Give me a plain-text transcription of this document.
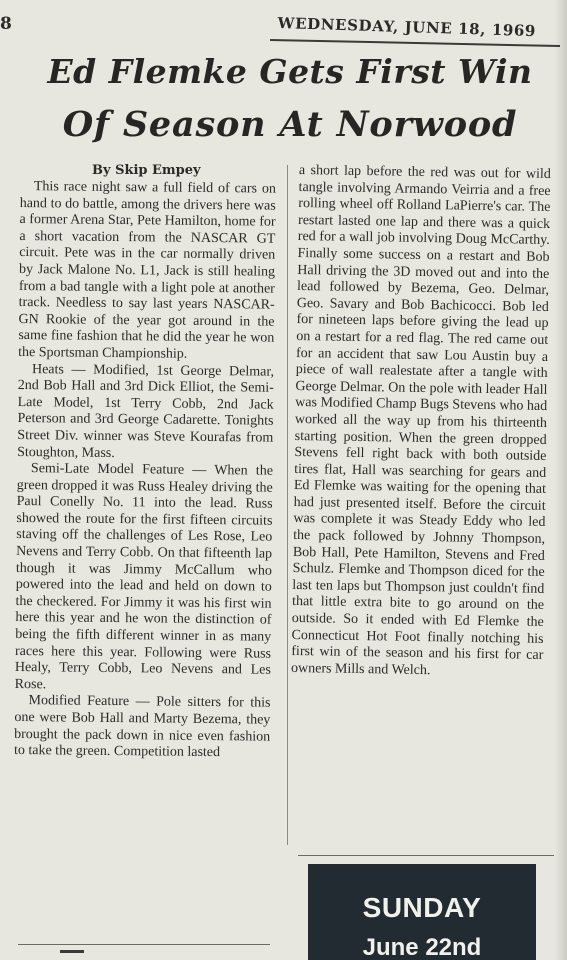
8	WEDNESDAY, JUNE 18, 1969
Ed Flemke Gets First Win
Of Season At Norwood
By Skip Empey

This race night saw a full field of cars on hand to do battle, among the drivers here was a former Arena Star, Pete Hamilton, home for a short vacation from the NASCAR GT circuit. Pete was in the car normally driven by Jack Malone No. L1, Jack is still healing from a bad tangle with a light pole at another track. Needless to say last years NASCAR-GN Rookie of the year got around in the same fine fashion that he did the year he won the Sportsman Championship.

Heats — Modified, 1st George Delmar, 2nd Bob Hall and 3rd Dick Elliot, the Semi-Late Model, 1st Terry Cobb, 2nd Jack Peterson and 3rd George Cadarette. Tonights Street Div. winner was Steve Kourafas from Stoughton, Mass.

Semi-Late Model Feature — When the green dropped it was Russ Healey driving the Paul Conelly No. 11 into the lead. Russ showed the route for the first fifteen circuits staving off the challenges of Les Rose, Leo Nevens and Terry Cobb. On that fifteenth lap though it was Jimmy McCallum who powered into the lead and held on down to the checkered. For Jimmy it was his first win here this year and he won the distinction of being the fifth different winner in as many races here this year. Following were Russ Healy, Terry Cobb, Leo Nevens and Les Rose.

Modified Feature — Pole sitters for this one were Bob Hall and Marty Bezema, they brought the pack down in nice even fashion to take the green. Competition lasted

a short lap before the red was out for wild tangle involving Armando Veirria and a free rolling wheel off Rolland LaPierre's car. The restart lasted one lap and there was a quick red for a wall job involving Doug McCarthy. Finally some success on a restart and Bob Hall driving the 3D moved out and into the lead followed by Bezema, Geo. Delmar, Geo. Savary and Bob Bachicocci. Bob led for nineteen laps before giving the lead up on a restart for a red flag. The red came out for an accident that saw Lou Austin buy a piece of wall realestate after a tangle with George Delmar. On the pole with leader Hall was Modified Champ Bugs Stevens who had worked all the way up from his thirteenth starting position. When the green dropped Stevens fell right back with both outside tires flat, Hall was searching for gears and Ed Flemke was waiting for the opening that had just presented itself. Before the circuit was complete it was Steady Eddy who led the pack followed by Johnny Thompson, Bob Hall, Pete Hamilton, Stevens and Fred Schulz. Flemke and Thompson diced for the last ten laps but Thompson just couldn't find that little extra bite to go around on the outside. So it ended with Ed Flemke the Connecticut Hot Foot finally notching his first win of the season and his first for car owners Mills and Welch.

SUNDAY
June 22nd
